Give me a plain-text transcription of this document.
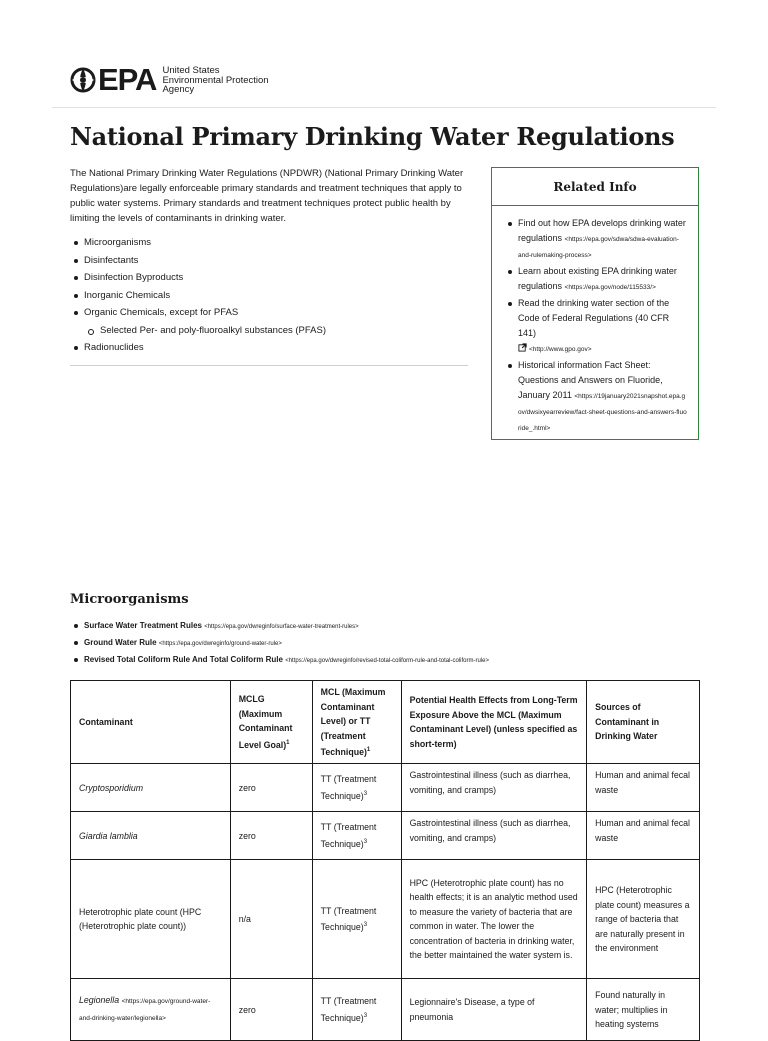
EPA United States
Environmental Protection
Agency
National Primary Drinking Water Regulations

The National Primary Drinking Water Regulations (NPDWR) (National Primary Drinking Water Regulations)are legally enforceable primary standards and treatment techniques that apply to public water systems. Primary standards and treatment techniques protect public health by limiting the levels of contaminants in drinking water.

Microorganisms
Disinfectants
Disinfection Byproducts
Inorganic Chemicals
Organic Chemicals, except for PFAS
Selected Per- and poly-fluoroalkyl substances (PFAS)
Radionuclides
Related Info
Find out how EPA develops drinking water regulations <https://epa.gov/sdwa/sdwa-evaluation-and-rulemaking-process>
Learn about existing EPA drinking water regulations <https://epa.gov/node/115533/>
Read the drinking water section of the Code of Federal Regulations (40 CFR 141)
<http://www.gpo.gov>
Historical information Fact Sheet: Questions and Answers on Fluoride, January 2011 <https://19january2021snapshot.epa.gov/dwsixyearreview/fact-sheet-questions-and-answers-fluoride_.html>
Microorganisms
Surface Water Treatment Rules <https://epa.gov/dwreginfo/surface-water-treatment-rules>
Ground Water Rule <https://epa.gov/dwreginfo/ground-water-rule>
Revised Total Coliform Rule And Total Coliform Rule <https://epa.gov/dwreginfo/revised-total-coliform-rule-and-total-coliform-rule>
Contaminant	MCLG (Maximum Contaminant Level Goal)$^1$	MCL (Maximum Contaminant Level) or TT (Treatment Technique)$^1$	Potential Health Effects from Long-Term Exposure Above the MCL (Maximum Contaminant Level) (unless specified as short-term)	Sources of Contaminant in Drinking Water
Cryptosporidium	zero	TT (Treatment Technique)$^3$	Gastrointestinal illness (such as diarrhea, vomiting, and cramps)	Human and animal fecal waste
Giardia lamblia	zero	TT (Treatment Technique)$^3$	Gastrointestinal illness (such as diarrhea, vomiting, and cramps)	Human and animal fecal waste
Heterotrophic plate count (HPC (Heterotrophic plate count))	n/a	TT (Treatment Technique)$^3$	HPC (Heterotrophic plate count) has no health effects; it is an analytic method used to measure the variety of bacteria that are common in water. The lower the concentration of bacteria in drinking water, the better maintained the water system is.	HPC (Heterotrophic plate count) measures a range of bacteria that are naturally present in the environment
Legionella <https://epa.gov/ground-water-and-drinking-water/legionella>	zero	TT (Treatment Technique)$^3$	Legionnaire's Disease, a type of pneumonia	Found naturally in water; multiplies in heating systems
